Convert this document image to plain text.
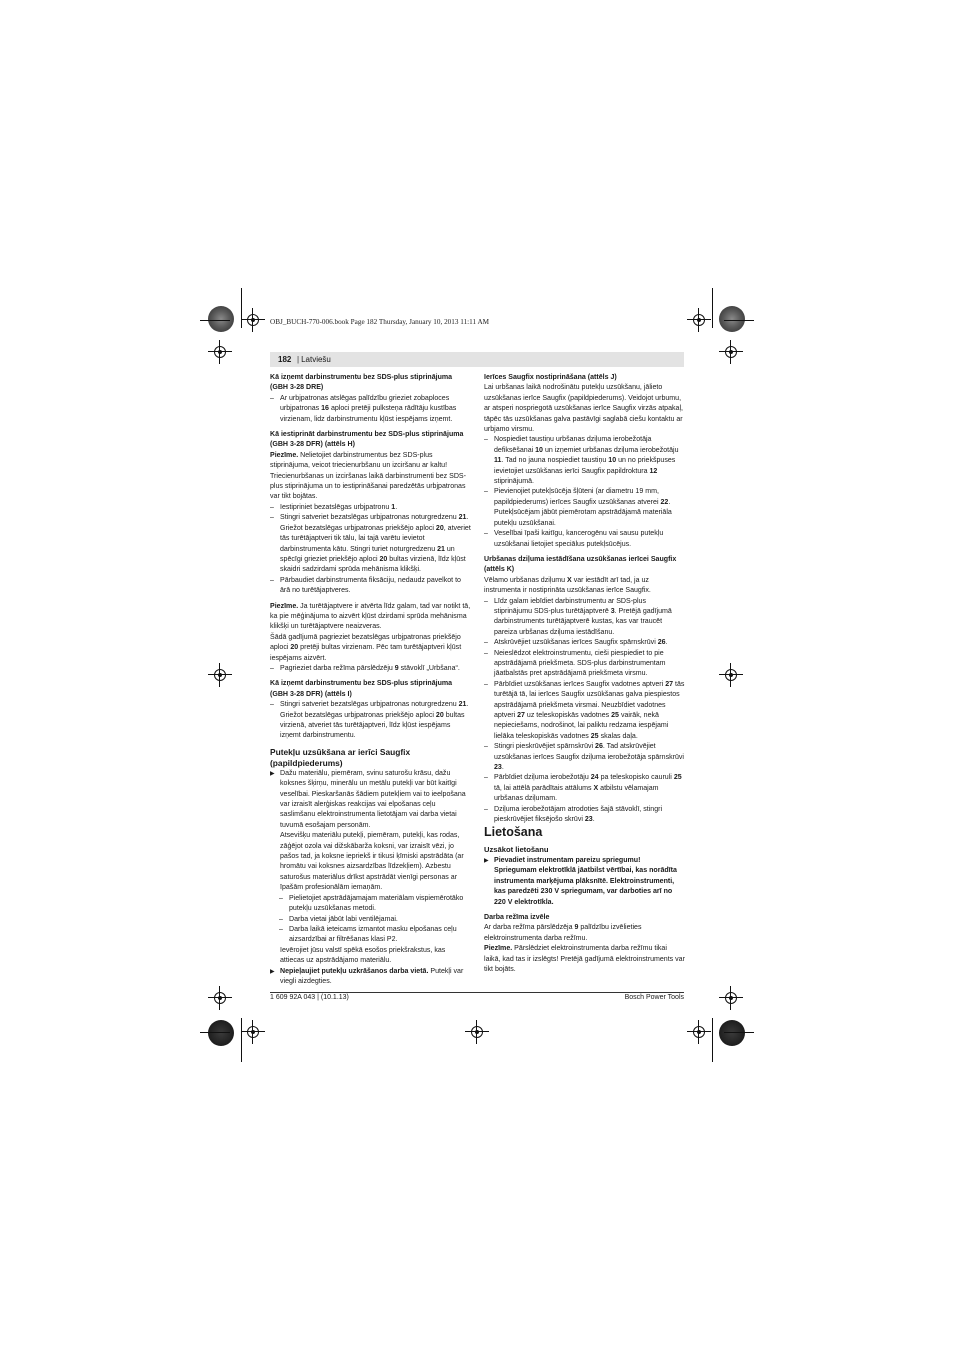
OBJ_BUCH-770-006.book Page 182 Thursday, January 10, 2013 11:11 AM
182
|	Latviešu

Kā izņemt darbinstrumentu bez SDS-plus stiprinājuma (GBH 3-28 DRE)

– Ar urbjpatronas atslēgas palīdzību grieziet zobaploces urbjpatronas 16 aploci pretēji pulksteņa rādītāju kustības virzienam, lidz darbinstrumentu kļūst iespējams izņemt.

Kā iestiprināt darbinstrumentu bez SDS-plus stiprinājuma (GBH 3-28 DFR) (attēls H)

Piezīme. Nelietojiet darbinstrumentus bez SDS-plus stiprinājuma, veicot triecienurbšanu un izciršanu ar kaltu! Triecienurbšanas un izciršanas laikā darbinstrumenti bez SDS-plus stiprinājuma un to iestiprināšanai paredzētās urbjpatronas var tikt bojātas.

– Iestipriniet bezatslēgas urbjpatronu 1.
– Stingri satveriet bezatslēgas urbjpatronas noturgredzenu 21. Griežot bezatslēgas urbjpatronas priekšējo aploci 20, atveriet tās turētājaptveri tik tālu, lai tajā varētu ievietot darbinstrumenta kātu. Stingri turiet noturgredzenu 21 un spēcīgi grieziet priekšējo aploci 20 bultas virzienā, līdz kļūst skaidri sadzirdami sprūda mehānisma klikšķi.
– Pārbaudiet darbinstrumenta fiksāciju, nedaudz pavelkot to ārā no turētājaptveres.

Piezīme. Ja turētājaptvere ir atvērta līdz galam, tad var notikt tā, ka pie mēģinājuma to aizvērt kļūst dzirdami sprūda mehānisma klikšķi un turētājaptvere neaizveras.

Šādā gadījumā pagrieziet bezatslēgas urbjpatronas priekšējo aploci 20 pretēji bultas virzienam. Pēc tam turētājaptveri kļūst iespējams aizvērt.

– Pagrieziet darba režīma pārslēdzēju 9 stāvoklī „Urbšana“.

Kā izņemt darbinstrumentu bez SDS-plus stiprinājuma (GBH 3-28 DFR) (attēls I)

– Stingri satveriet bezatslēgas urbjpatronas noturgredzenu 21. Griežot bezatslēgas urbjpatronas priekšējo aploci 20 bultas virzienā, atveriet tās turētājaptveri, līdz kļūst iespējams izņemt darbinstrumentu.

Putekļu uzsūkšana ar ierīci Saugfix (papildpiederums)

▶ Dažu materiālu, piemēram, svinu saturošu krāsu, dažu koksnes šķirņu, minerālu un metālu putekļi var būt kaitīgi veselībai. Pieskaršanās šādiem putekļiem vai to ieelpošana var izraisīt alerģiskas reakcijas vai elpošanas ceļu saslimšanu elektroinstrumenta lietotājam vai darba vietai tuvumā esošajam personām.
Atsevišķu materiālu putekļi, piemēram, putekļi, kas rodas, zāģējot ozola vai dižskābarža koksni, var izraisīt vēzi, jo pašos tad, ja koksne iepriekš ir tikusi ķīmiski apstrādāta (ar hromātu vai koksnes aizsardzības līdzekļiem). Azbestu saturošus materiālus drīkst apstrādāt vienīgi personas ar īpašām profesionālām iemaņām.
– Pielietojiet apstrādājamajam materiālam vispiemērotāko putekļu uzsūkšanas metodi.
– Darba vietai jābūt labi ventilējamai.
– Darba laikā ieteicams izmantot masku elpošanas ceļu aizsardzībai ar filtrēšanas klasi P2.
Ievērojiet jūsu valstī spēkā esošos priekšrakstus, kas attiecas uz apstrādājamo materiālu.
▶ Nepieļaujiet putekļu uzkrāšanos darba vietā. Putekļi var viegli aizdegties.

Ierīces Saugfix nostiprināšana (attēls J)

Lai urbšanas laikā nodrošinātu putekļu uzsūkšanu, jālieto uzsūkšanas ierīce Saugfix (papildpiederums). Veidojot urbumu, ar atsperi nospriegotā uzsūkšanas ierīce Saugfix virzās atpakaļ, tāpēc tās uzsūkšanas galva pastāvīgi saglabā ciešu kontaktu ar urbjamo virsmu.

– Nospiediet taustiņu urbšanas dziļuma ierobežotāja defiksēšanai 10 un izņemiet urbšanas dziļuma ierobežotāju 11. Tad no jauna nospiediet taustiņu 10 un no priekšpuses ievietojiet uzsūkšanas ierīci Saugfix papildroktura 12 stiprinājumā.
– Pievienojiet putekļsūcēja šļūteni (ar diametru 19 mm, papildpiederums) ierīces Saugfix uzsūkšanas atverei 22. Putekļsūcējam jābūt piemērotam apstrādājamā materiāla putekļu uzsūkšanai.
– Veselībai īpaši kaitīgu, kancerogēnu vai sausu putekļu uzsūkšanai lietojiet speciālus putekļsūcējus.

Urbšanas dziļuma iestādīšana uzsūkšanas ierīcei Saugfix (attēls K)

Vēlamo urbšanas dziļumu X var iestādīt arī tad, ja uz instrumenta ir nostiprināta uzsūkšanas ierīce Saugfix.

– Līdz galam iebīdiet darbinstrumentu ar SDS-plus stiprinājumu SDS-plus turētājaptverē 3. Pretējā gadījumā darbinstruments turētājaptverē kustas, kas var traucēt pareiza urbšanas dziļuma iestādīšanu.
– Atskrūvējiet uzsūkšanas ierīces Saugfix spārnskrūvi 26.
– Neieslēdzot elektroinstrumentu, cieši piespiediet to pie apstrādājamā priekšmeta. SDS-plus darbinstrumentam jāatbalstās pret apstrādājamā priekšmeta virsmu.
– Pārbīdiet uzsūkšanas ierīces Saugfix vadotnes aptveri 27 tās turētājā tā, lai ierīces Saugfix uzsūkšanas galva piespiestos apstrādājamā priekšmeta virsmai. Neuzbīdiet vadotnes aptveri 27 uz teleskopiskās vadotnes 25 vairāk, nekā nepieciešams, nodrošinot, lai paliktu redzama iespējami lielāka teleskopiskās vadotnes 25 skalas daļa.
– Stingri pieskrūvējiet spārnskrūvi 26. Tad atskrūvējiet uzsūkšanas ierīces Saugfix dziļuma ierobežotāja spārnskrūvi 23.
– Pārbīdiet dziļuma ierobežotāju 24 pa teleskopisko cauruli 25 tā, lai attēlā parādītais attālums X atbilstu vēlamajam urbšanas dziļumam.
– Dziļuma ierobežotājam atrodoties šajā stāvoklī, stingri pieskrūvējiet fiksējošo skrūvi 23.

Lietošana

Uzsākot lietošanu

▶ Pievadiet instrumentam pareizu spriegumu! Spriegumam elektrotīklā jāatbilst vērtībai, kas norādīta instrumenta marķējuma plāksnītē. Elektroinstrumenti, kas paredzēti 230 V spriegumam, var darboties arī no 220 V elektrotīkla.

Darba režīma izvēle

Ar darba režīma pārslēdzēja 9 palīdzību izvēlieties elektroinstrumenta darba režīmu.

Piezīme. Pārslēdziet elektroinstrumenta darba režīmu tikai laikā, kad tas ir izslēgts! Pretējā gadījumā elektroinstruments var tikt bojāts.

1 609 92A 043 | (10.1.13)	Bosch Power Tools
